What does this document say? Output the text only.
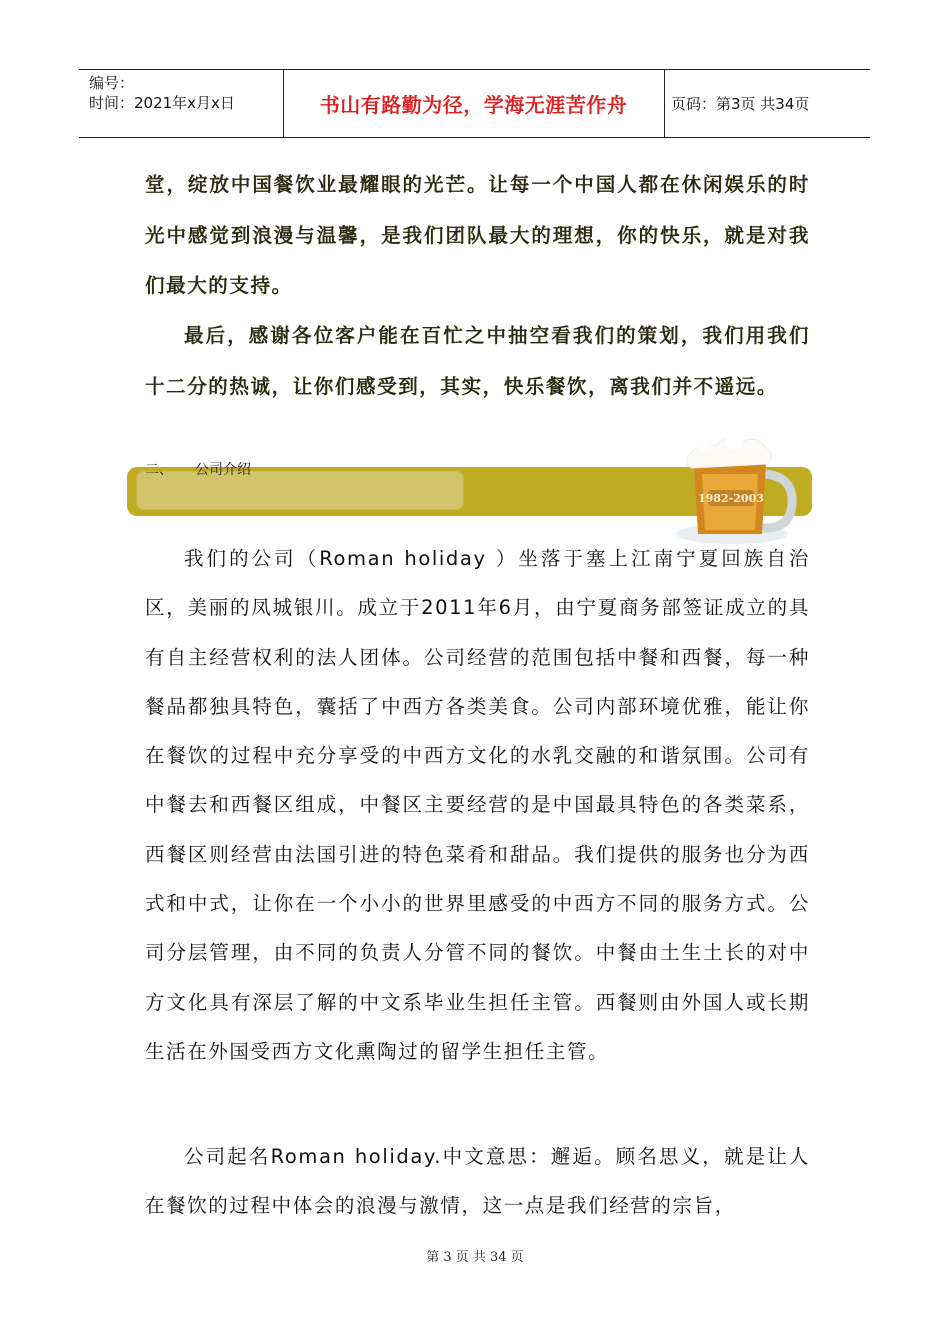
编号：
时间：2021年x月x日	书山有路勤为径，学海无涯苦作舟	页码：第3页 共34页

堂，绽放中国餐饮业最耀眼的光芒。让每一个中国人都在休闲娱乐的时光中感觉到浪漫与温馨，是我们团队最大的理想，你的快乐，就是对我们最大的支持。

最后，感谢各位客户能在百忙之中抽空看我们的策划，我们用我们十二分的热诚，让你们感受到，其实，快乐餐饮，离我们并不遥远。

二、 公司介绍
1982-2003

我们的公司（Roman holiday ）坐落于塞上江南宁夏回族自治区，美丽的凤城银川。成立于2011年6月，由宁夏商务部签证成立的具有自主经营权利的法人团体。公司经营的范围包括中餐和西餐，每一种餐品都独具特色，囊括了中西方各类美食。公司内部环境优雅，能让你在餐饮的过程中充分享受的中西方文化的水乳交融的和谐氛围。公司有中餐去和西餐区组成，中餐区主要经营的是中国最具特色的各类菜系，西餐区则经营由法国引进的特色菜肴和甜品。我们提供的服务也分为西式和中式，让你在一个小小的世界里感受的中西方不同的服务方式。公司分层管理，由不同的负责人分管不同的餐饮。中餐由土生土长的对中方文化具有深层了解的中文系毕业生担任主管。西餐则由外国人或长期生活在外国受西方文化熏陶过的留学生担任主管。

公司起名Roman holiday.中文意思：邂逅。顾名思义，就是让人在餐饮的过程中体会的浪漫与激情，这一点是我们经营的宗旨，

第 3 页 共 34 页
